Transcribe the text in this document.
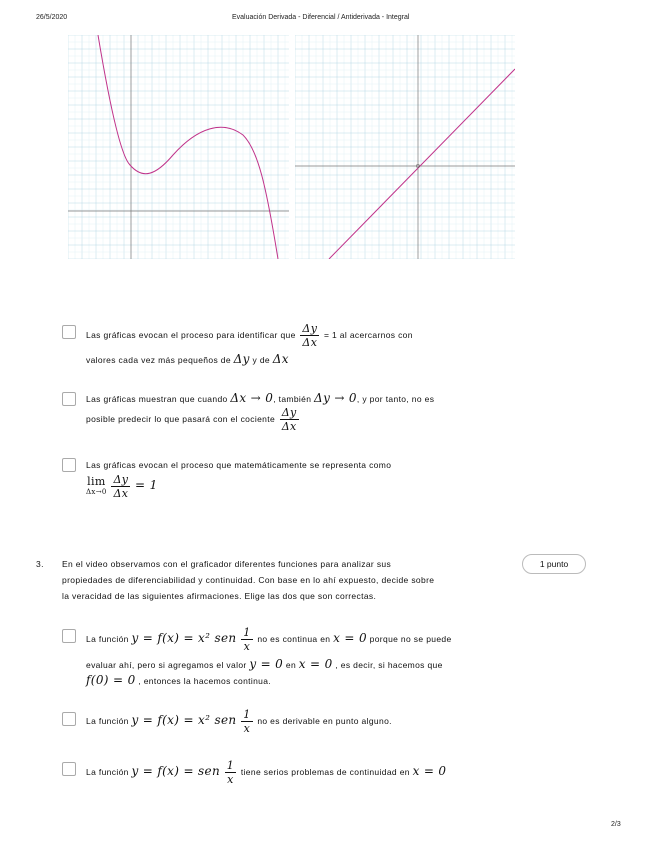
26/5/2020	Evaluación Derivada - Diferencial / Antiderivada - Integral
O
Las gráficas evocan el proceso para identificar que $\frac{\Delta y}{\Delta x} = 1$ al acercarnos con
valores cada vez más pequeños de Δy y de Δx
Las gráficas muestran que cuando Δx → 0, también Δy → 0, y por tanto, no es
posible predecir lo que pasará con el cociente $\frac{\Delta y}{\Delta x}$
Las gráficas evocan el proceso que matemáticamente se representa como
lim
Δx→0
$\frac{\Delta y}{\Delta x} = 1$
3. En el video observamos con el graficador diferentes funciones para analizar sus
propiedades de diferenciabilidad y continuidad. Con base en lo ahí expuesto, decide sobre
la veracidad de las siguientes afirmaciones. Elige las dos que son correctas.
1 punto
La función y = f(x) = x² sen $\frac{1}{x}$ no es continua en x = 0 porque no se puede
evaluar ahí, pero si agregamos el valor y = 0 en x = 0 , es decir, si hacemos que
f(0) = 0 , entonces la hacemos continua.
La función y = f(x) = x² sen $\frac{1}{x}$ no es derivable en punto alguno.
La función y = f(x) = sen $\frac{1}{x}$ tiene serios problemas de continuidad en x = 0
2/3
